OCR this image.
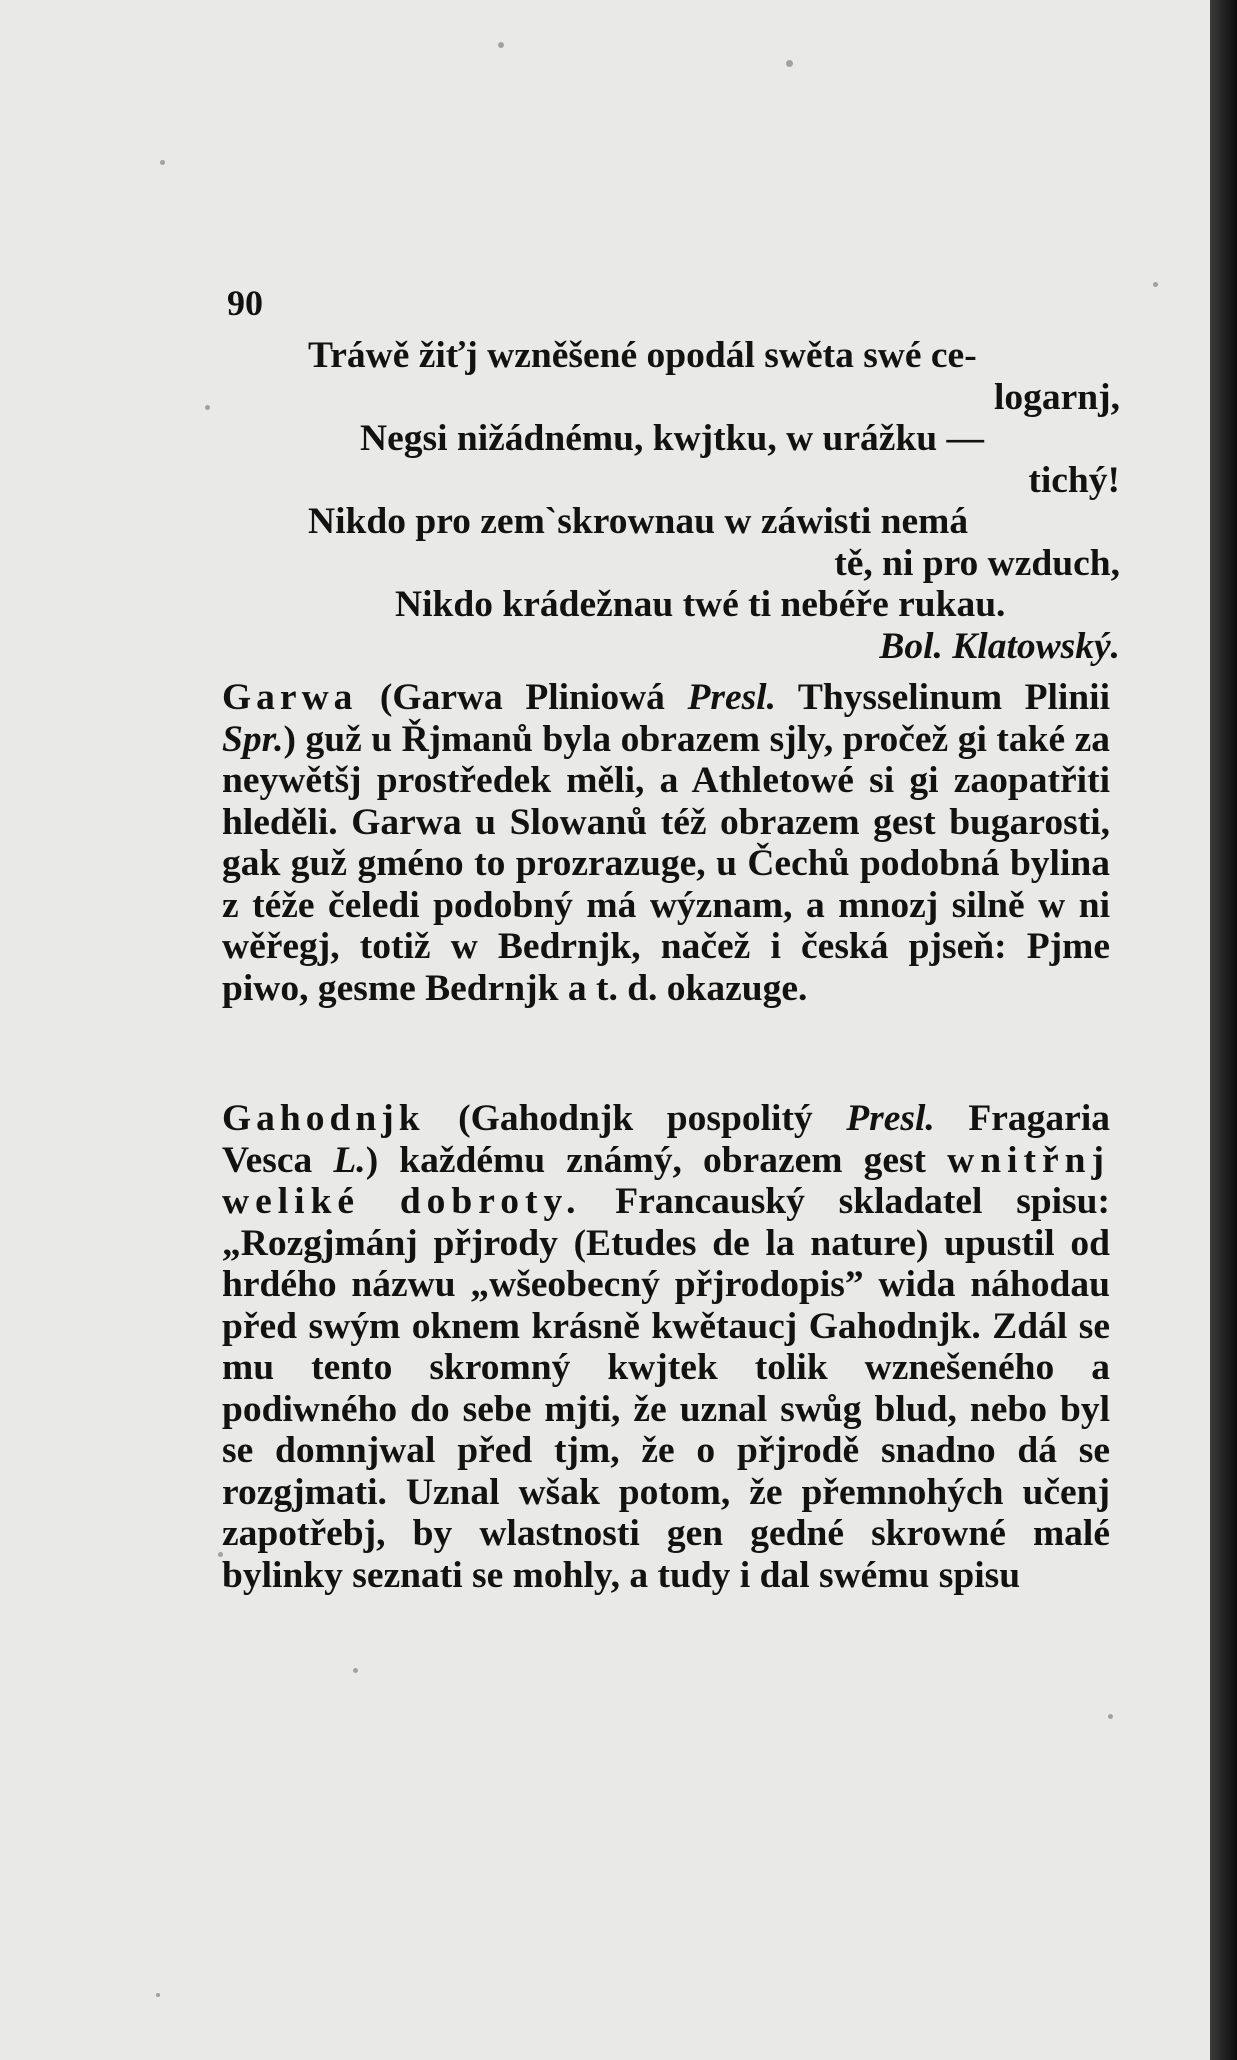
90

Tráwě žiťj wzněšené opodál swěta swé ce-
logarnj,
Negsi nižádnému, kwjtku, w urážku —
tichý!
Nikdo pro zem`skrownau w záwisti nemá
tě, ni pro wzduch,
Nikdo krádežnau twé ti nebéře rukau.
Bol. Klatowský.

Garwa (Garwa Pliniowá Presl. Thysselinum Plinii Spr.) guž u Řjmanů byla obrazem sjly, pročež gi také za neywětšj prostředek měli, a Athletowé si gi zaopatřiti hleděli. Garwa u Slowanů též obrazem gest bugarosti, gak guž gméno to prozrazuge, u Čechů podobná bylina z téže čeledi podobný má wýznam, a mnozj silně w ni wěřegj, totiž w Bedrnjk, načež i česká pjseň: Pjme piwo, gesme Bedrnjk a t. d. okazuge.

Gahodnjk (Gahodnjk pospolitý Presl. Fragaria Vesca L.) každému známý, obrazem gest wnitřnj weliké dobroty. Francauský skladatel spisu: „Rozgjmánj přjrody (Etudes de la nature) upustil od hrdého názwu „wšeobecný přjrodopis” wida náhodau před swým oknem krásně kwětaucj Gahodnjk. Zdál se mu tento skromný kwjtek tolik wznešeného a podiwného do sebe mjti, že uznal swůg blud, nebo byl se domnjwal před tjm, že o přjrodě snadno dá se rozgjmati. Uznal wšak potom, že přemnohých učenj zapotřebj, by wlastnosti gen gedné skrowné malé bylinky seznati se mohly, a tudy i dal swému spisu
